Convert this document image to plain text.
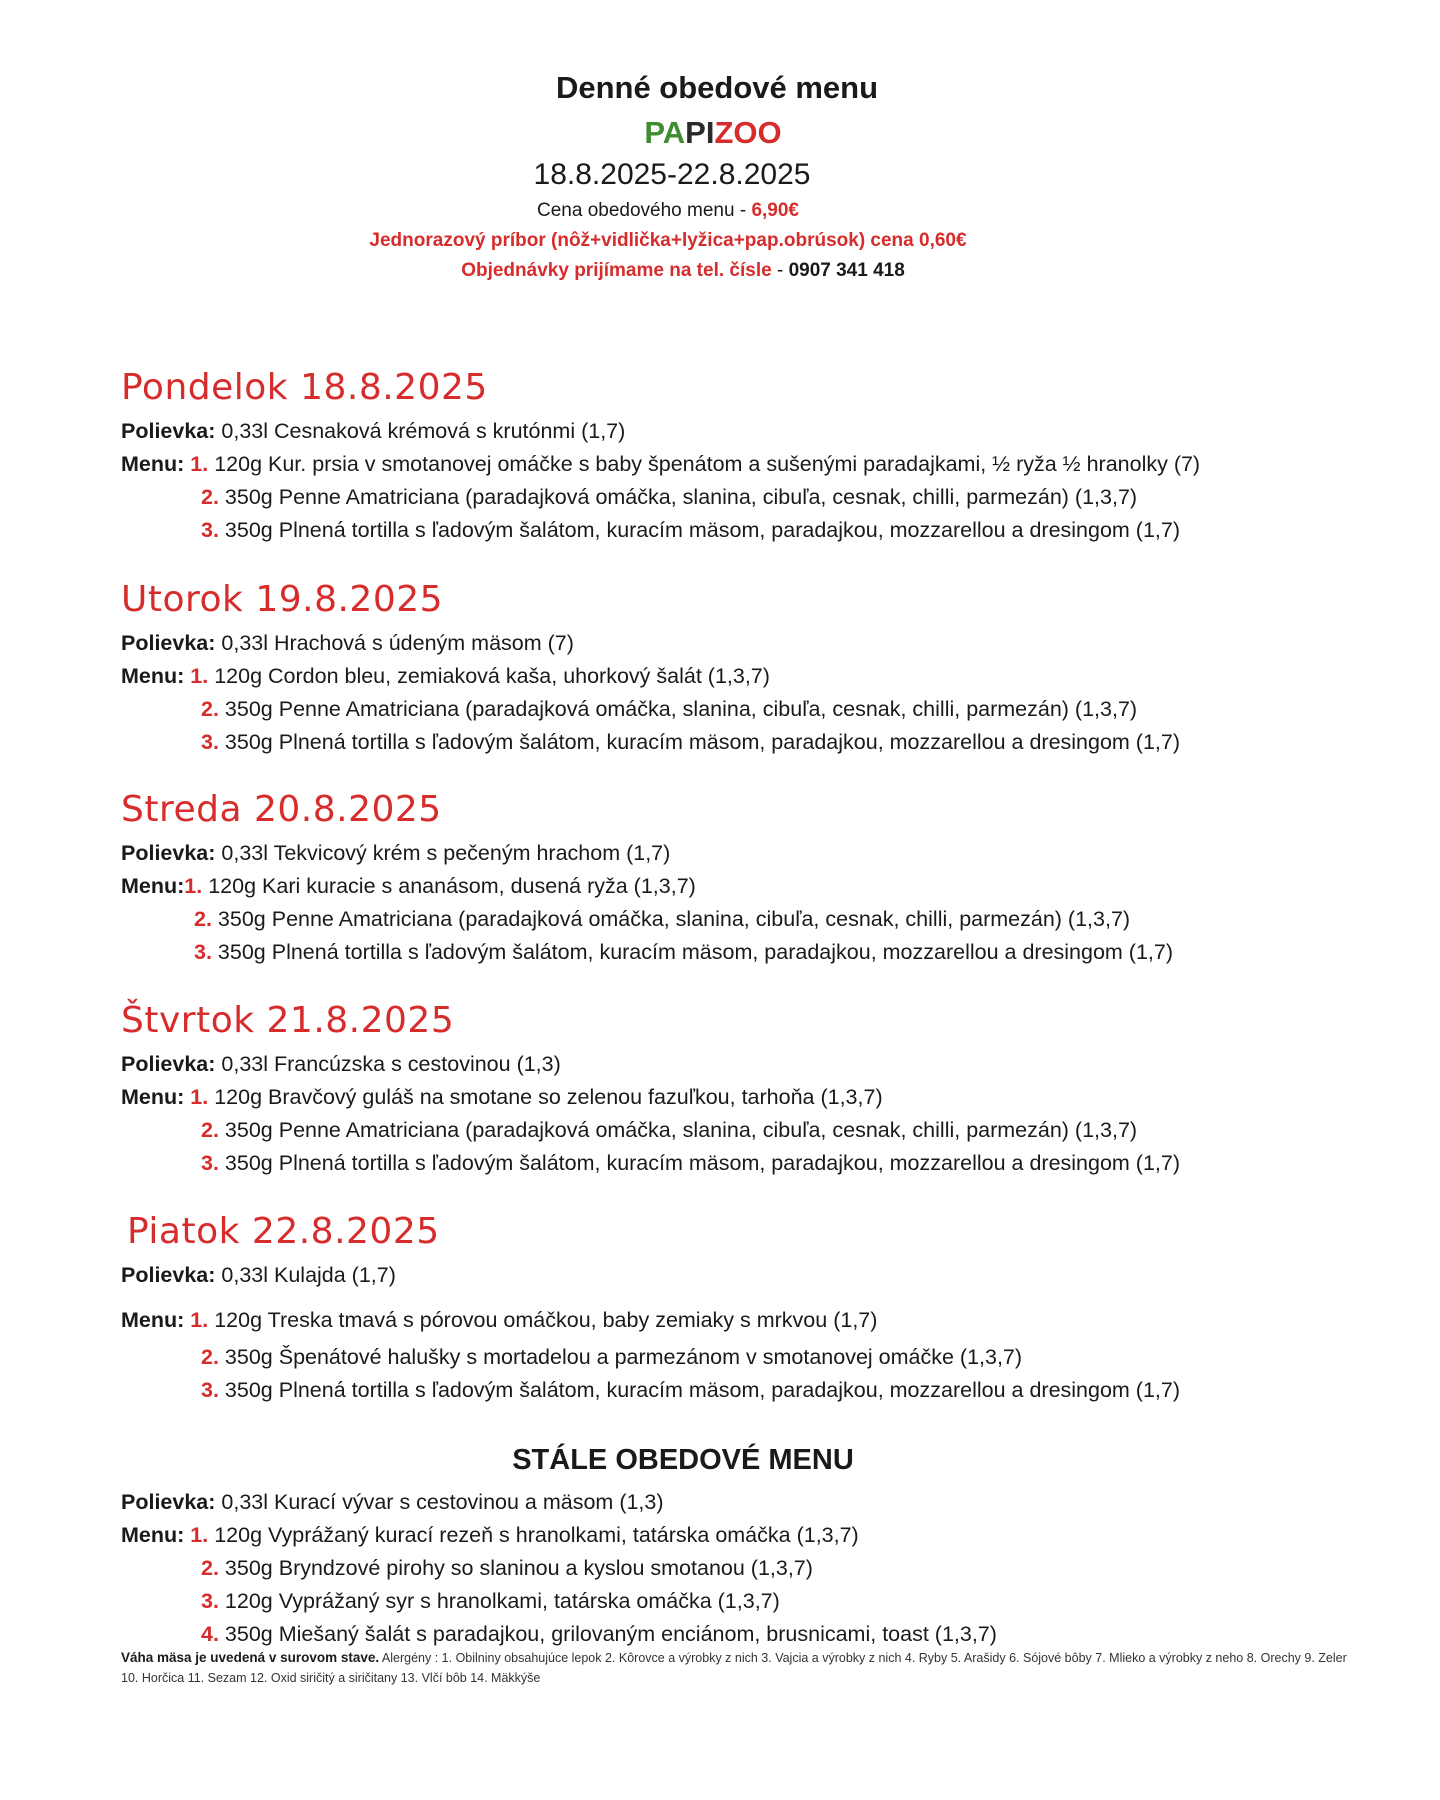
Denné obedové menu
PAPIZOO
18.8.2025-22.8.2025
Cena obedového menu - 6,90€
Jednorazový príbor (nôž+vidlička+lyžica+pap.obrúsok) cena 0,60€
Objednávky prijímame na tel. čísle - 0907 341 418
Pondelok 18.8.2025
Polievka: 0,33l Cesnaková krémová s krutónmi (1,7)
Menu: 1. 120g Kur. prsia v smotanovej omáčke s baby špenátom a sušenými paradajkami, ½ ryža ½ hranolky (7)
2. 350g Penne Amatriciana (paradajková omáčka, slanina, cibuľa, cesnak, chilli, parmezán) (1,3,7)
3. 350g Plnená tortilla s ľadovým šalátom, kuracím mäsom, paradajkou, mozzarellou a dresingom (1,7)
Utorok 19.8.2025
Polievka: 0,33l Hrachová s údeným mäsom (7)
Menu: 1. 120g Cordon bleu, zemiaková kaša, uhorkový šalát (1,3,7)
2. 350g Penne Amatriciana (paradajková omáčka, slanina, cibuľa, cesnak, chilli, parmezán) (1,3,7)
3. 350g Plnená tortilla s ľadovým šalátom, kuracím mäsom, paradajkou, mozzarellou a dresingom (1,7)
Streda 20.8.2025
Polievka: 0,33l Tekvicový krém s pečeným hrachom (1,7)
Menu:1. 120g Kari kuracie s ananásom, dusená ryža (1,3,7)
2. 350g Penne Amatriciana (paradajková omáčka, slanina, cibuľa, cesnak, chilli, parmezán) (1,3,7)
3. 350g Plnená tortilla s ľadovým šalátom, kuracím mäsom, paradajkou, mozzarellou a dresingom (1,7)
Štvrtok 21.8.2025
Polievka: 0,33l Francúzska s cestovinou (1,3)
Menu: 1. 120g Bravčový guláš na smotane so zelenou fazuľkou, tarhoňa (1,3,7)
2. 350g Penne Amatriciana (paradajková omáčka, slanina, cibuľa, cesnak, chilli, parmezán) (1,3,7)
3. 350g Plnená tortilla s ľadovým šalátom, kuracím mäsom, paradajkou, mozzarellou a dresingom (1,7)
Piatok 22.8.2025
Polievka: 0,33l Kulajda (1,7)
Menu: 1. 120g Treska tmavá s pórovou omáčkou, baby zemiaky s mrkvou (1,7)
2. 350g Špenátové halušky s mortadelou a parmezánom v smotanovej omáčke (1,3,7)
3. 350g Plnená tortilla s ľadovým šalátom, kuracím mäsom, paradajkou, mozzarellou a dresingom (1,7)
STÁLE OBEDOVÉ MENU
Polievka: 0,33l Kurací vývar s cestovinou a mäsom (1,3)
Menu: 1. 120g Vyprážaný kurací rezeň s hranolkami, tatárska omáčka (1,3,7)
2. 350g Bryndzové pirohy so slaninou a kyslou smotanou (1,3,7)
3. 120g Vyprážaný syr s hranolkami, tatárska omáčka (1,3,7)
4. 350g Miešaný šalát s paradajkou, grilovaným enciánom, brusnicami, toast (1,3,7)
Váha mäsa je uvedená v surovom stave. Alergény : 1. Obilniny obsahujúce lepok 2. Kôrovce a výrobky z nich 3. Vajcia a výrobky z nich 4. Ryby 5. Arašidy 6. Sójové bôby 7. Mlieko a výrobky z neho 8. Orechy 9. Zeler 10. Horčica 11. Sezam 12. Oxid siričitý a siričitany 13. Vlčí bôb 14. Mäkkýše
